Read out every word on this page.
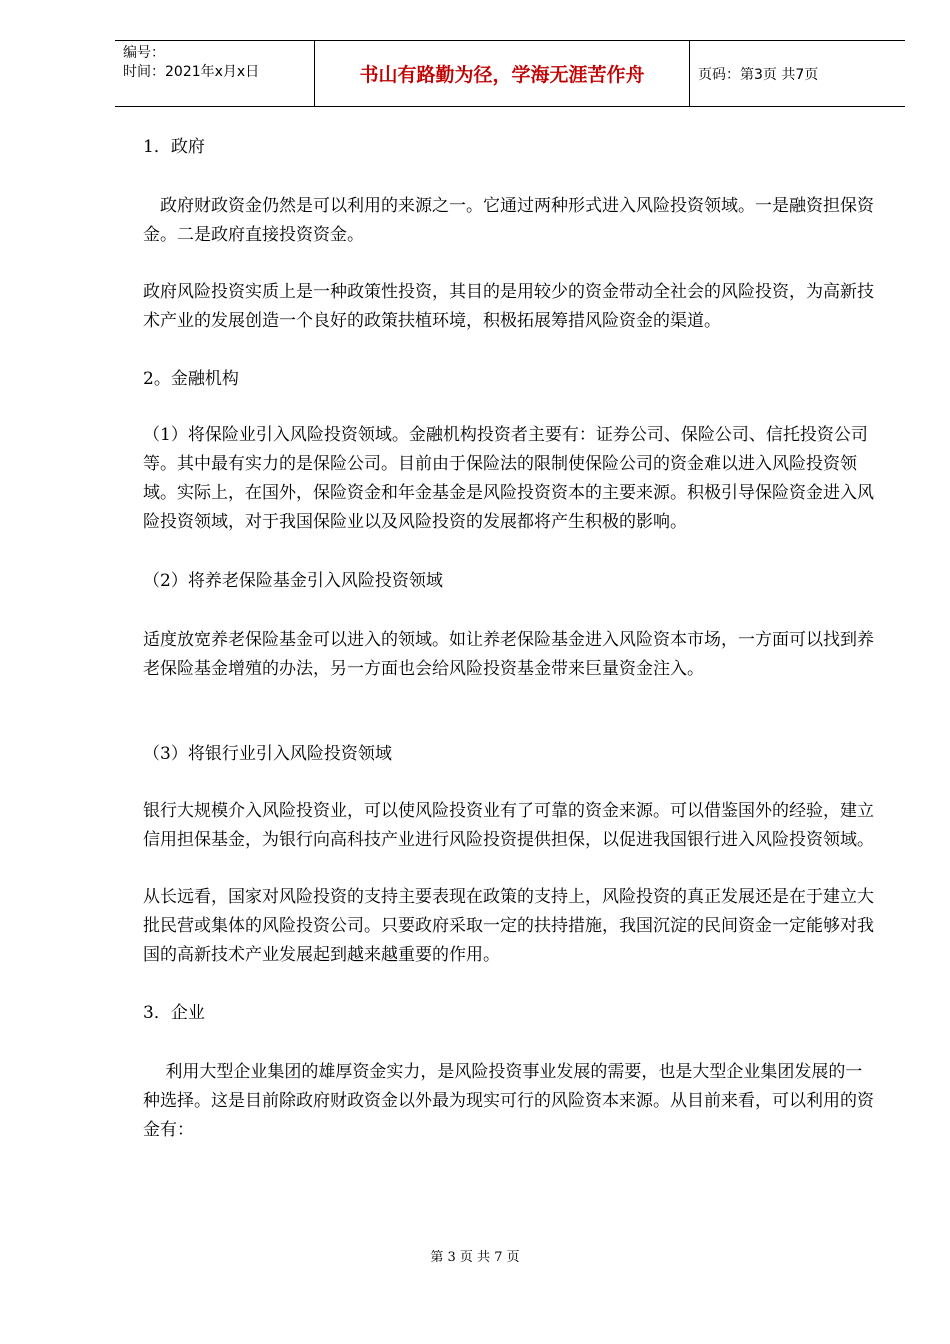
编号：
时间：2021年x月x日	书山有路勤为径，学海无涯苦作舟	页码：第3页 共7页

1．政府

　政府财政资金仍然是可以利用的来源之一。它通过两种形式进入风险投资领域。一是融资担保资金。二是政府直接投资资金。

政府风险投资实质上是一种政策性投资，其目的是用较少的资金带动全社会的风险投资，为高新技术产业的发展创造一个良好的政策扶植环境，积极拓展筹措风险资金的渠道。

2。金融机构

（1）将保险业引入风险投资领域。金融机构投资者主要有：证券公司、保险公司、信托投资公司等。其中最有实力的是保险公司。目前由于保险法的限制使保险公司的资金难以进入风险投资领域。实际上，在国外，保险资金和年金基金是风险投资资本的主要来源。积极引导保险资金进入风险投资领域，对于我国保险业以及风险投资的发展都将产生积极的影响。

（2）将养老保险基金引入风险投资领域

适度放宽养老保险基金可以进入的领域。如让养老保险基金进入风险资本市场，一方面可以找到养老保险基金增殖的办法，另一方面也会给风险投资基金带来巨量资金注入。

（3）将银行业引入风险投资领域

银行大规模介入风险投资业，可以使风险投资业有了可靠的资金来源。可以借鉴国外的经验，建立信用担保基金，为银行向高科技产业进行风险投资提供担保，以促进我国银行进入风险投资领域。

从长远看，国家对风险投资的支持主要表现在政策的支持上，风险投资的真正发展还是在于建立大批民营或集体的风险投资公司。只要政府采取一定的扶持措施，我国沉淀的民间资金一定能够对我国的高新技术产业发展起到越来越重要的作用。

3．企业

　 利用大型企业集团的雄厚资金实力，是风险投资事业发展的需要，也是大型企业集团发展的一种选择。这是目前除政府财政资金以外最为现实可行的风险资本来源。从目前来看，可以利用的资金有：

第 3 页 共 7 页
